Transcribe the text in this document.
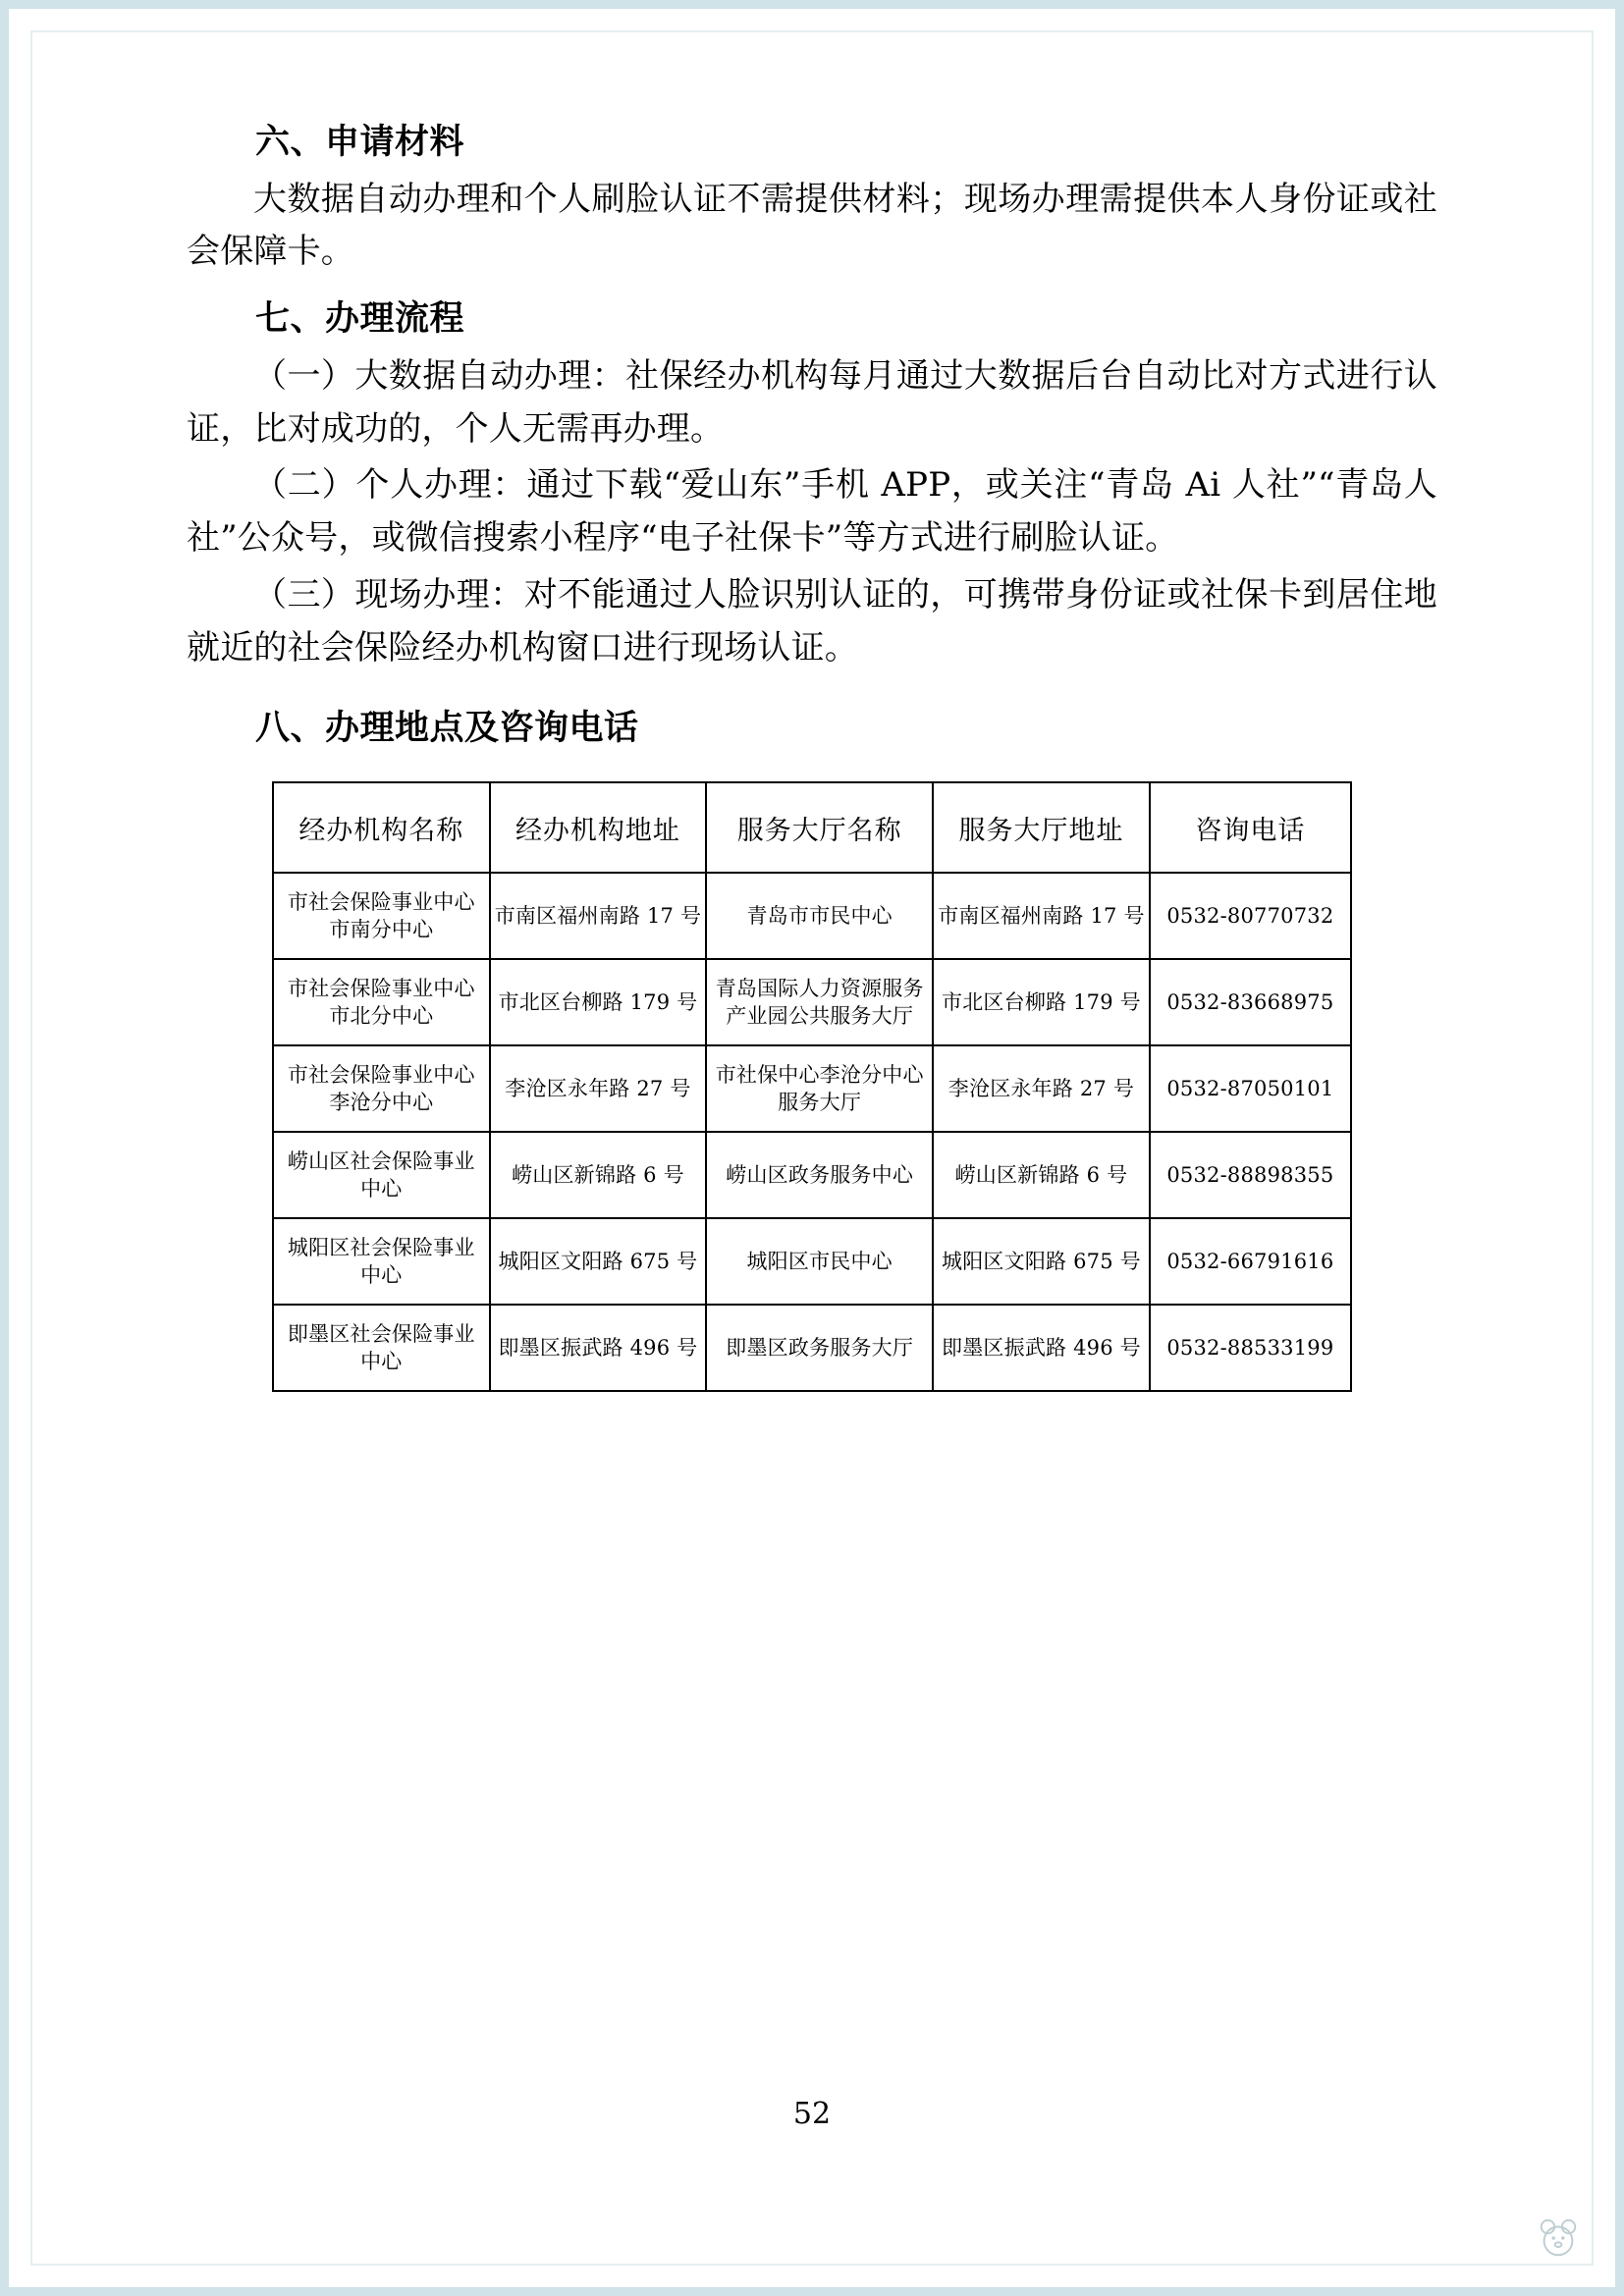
六、申请材料

大数据自动办理和个人刷脸认证不需提供材料；现场办理需提供本人身份证或社会保障卡。

七、办理流程

（一）大数据自动办理：社保经办机构每月通过大数据后台自动比对方式进行认证，比对成功的，个人无需再办理。

（二）个人办理：通过下载“爱山东”手机 APP，或关注“青岛 Ai 人社”“青岛人社”公众号，或微信搜索小程序“电子社保卡”等方式进行刷脸认证。

（三）现场办理：对不能通过人脸识别认证的，可携带身份证或社保卡到居住地就近的社会保险经办机构窗口进行现场认证。

八、办理地点及咨询电话
经办机构名称	经办机构地址	服务大厅名称	服务大厅地址	咨询电话
市社会保险事业中心市南分中心	市南区福州南路 17 号	青岛市市民中心	市南区福州南路 17 号	0532-80770732
市社会保险事业中心市北分中心	市北区台柳路 179 号	青岛国际人力资源服务产业园公共服务大厅	市北区台柳路 179 号	0532-83668975
市社会保险事业中心李沧分中心	李沧区永年路 27 号	市社保中心李沧分中心服务大厅	李沧区永年路 27 号	0532-87050101
崂山区社会保险事业中心	崂山区新锦路 6 号	崂山区政务服务中心	崂山区新锦路 6 号	0532-88898355
城阳区社会保险事业中心	城阳区文阳路 675 号	城阳区市民中心	城阳区文阳路 675 号	0532-66791616
即墨区社会保险事业中心	即墨区振武路 496 号	即墨区政务服务大厅	即墨区振武路 496 号	0532-88533199
52
